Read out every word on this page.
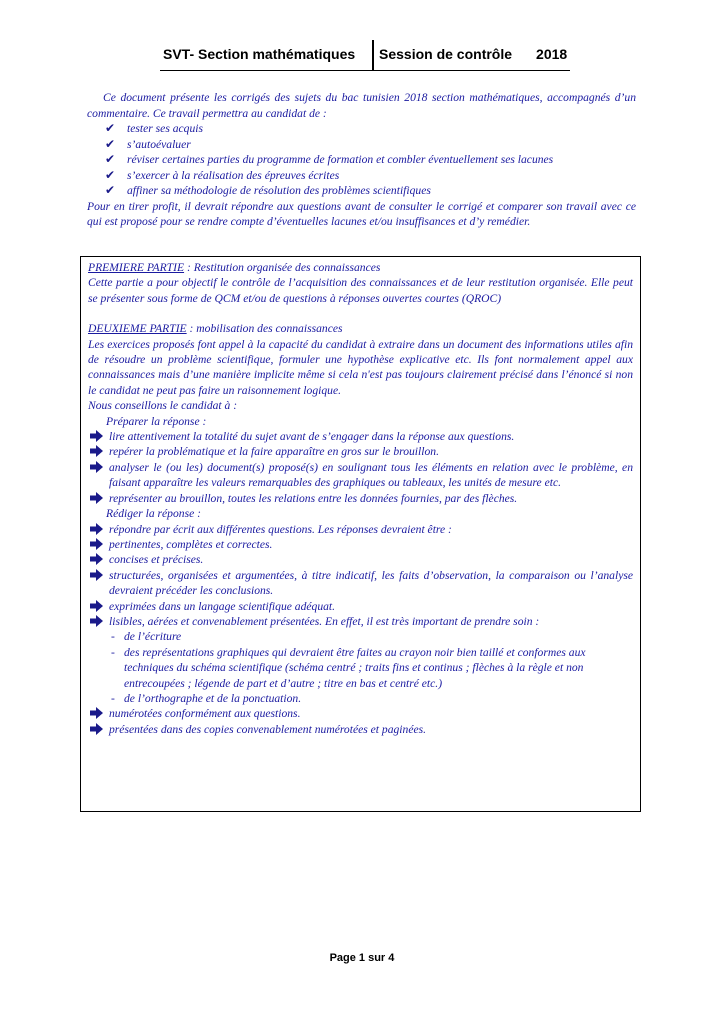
SVT- Section mathématiques Session de contrôle 2018

Ce document présente les corrigés des sujets du bac tunisien 2018 section mathématiques, accompagnés d’un commentaire. Ce travail permettra au candidat de :

✔ tester ses acquis
✔ s’autoévaluer
✔ réviser certaines parties du programme de formation et combler éventuellement ses lacunes
✔ s’exercer à la réalisation des épreuves écrites
✔ affiner sa méthodologie de résolution des problèmes scientifiques

Pour en tirer profit, il devrait répondre aux questions avant de consulter le corrigé et comparer son travail avec ce qui est proposé pour se rendre compte d’éventuelles lacunes et/ou insuffisances et d’y remédier.

PREMIERE PARTIE : Restitution organisée des connaissances

Cette partie a pour objectif le contrôle de l’acquisition des connaissances et de leur restitution organisée. Elle peut se présenter sous forme de QCM et/ou de questions à réponses ouvertes courtes (QROC)

DEUXIEME PARTIE : mobilisation des connaissances

Les exercices proposés font appel à la capacité du candidat à extraire dans un document des informations utiles afin de résoudre un problème scientifique, formuler une hypothèse explicative etc. Ils font normalement appel aux connaissances mais d’une manière implicite même si cela n'est pas toujours clairement précisé dans l’énoncé si non le candidat ne peut pas faire un raisonnement logique.

Nous conseillons le candidat à :

Préparer la réponse :

lire attentivement la totalité du sujet avant de s’engager dans la réponse aux questions.
repérer la problématique et la faire apparaître en gros sur le brouillon.
analyser le (ou les) document(s) proposé(s) en soulignant tous les éléments en relation avec le problème, en faisant apparaître les valeurs remarquables des graphiques ou tableaux, les unités de mesure etc.
représenter au brouillon, toutes les relations entre les données fournies, par des flèches.

Rédiger la réponse :

répondre par écrit aux différentes questions. Les réponses devraient être :
pertinentes, complètes et correctes.
concises et précises.
structurées, organisées et argumentées, à titre indicatif, les faits d’observation, la comparaison ou l’analyse devraient précéder les conclusions.
exprimées dans un langage scientifique adéquat.
lisibles, aérées et convenablement présentées. En effet, il est très important de prendre soin :
- de l’écriture
- des représentations graphiques qui devraient être faites au crayon noir bien taillé et conformes aux techniques du schéma scientifique (schéma centré ; traits fins et continus ; flèches à la règle et non entrecoupées ; légende de part et d’autre ; titre en bas et centré etc.)
- de l’orthographe et de la ponctuation.
numérotées conformément aux questions.
présentées dans des copies convenablement numérotées et paginées.
Page 1 sur 4
